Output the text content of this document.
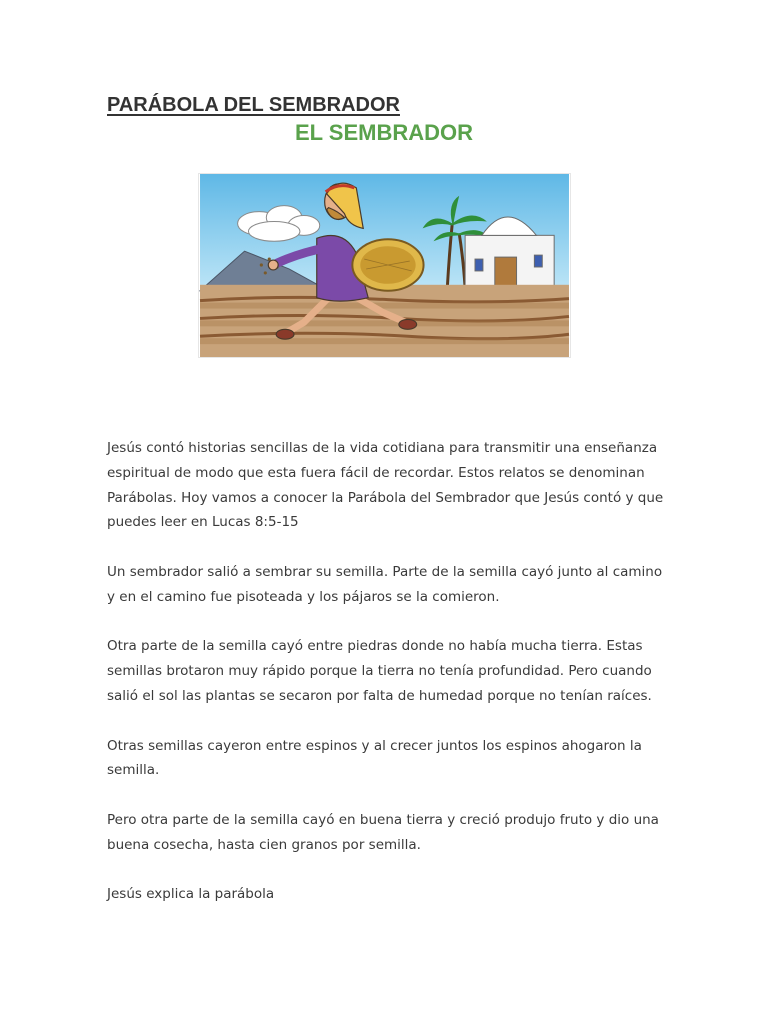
PARÁBOLA DEL SEMBRADOR
EL SEMBRADOR

Jesús contó historias sencillas de la vida cotidiana para transmitir una enseñanza espiritual de modo que esta fuera fácil de recordar. Estos relatos se denominan Parábolas. Hoy vamos a conocer la Parábola del Sembrador que Jesús contó y que puedes leer en Lucas 8:5-15

Un sembrador salió a sembrar su semilla. Parte de la semilla cayó junto al camino y en el camino fue pisoteada y los pájaros se la comieron.

Otra parte de la semilla cayó entre piedras donde no había mucha tierra. Estas semillas brotaron muy rápido porque la tierra no tenía profundidad. Pero cuando salió el sol las plantas se secaron por falta de humedad porque no tenían raíces.

Otras semillas cayeron entre espinos y al crecer juntos los espinos ahogaron la semilla.

Pero otra parte de la semilla cayó en buena tierra y creció produjo fruto y dio una buena cosecha, hasta cien granos por semilla.

Jesús explica la parábola
